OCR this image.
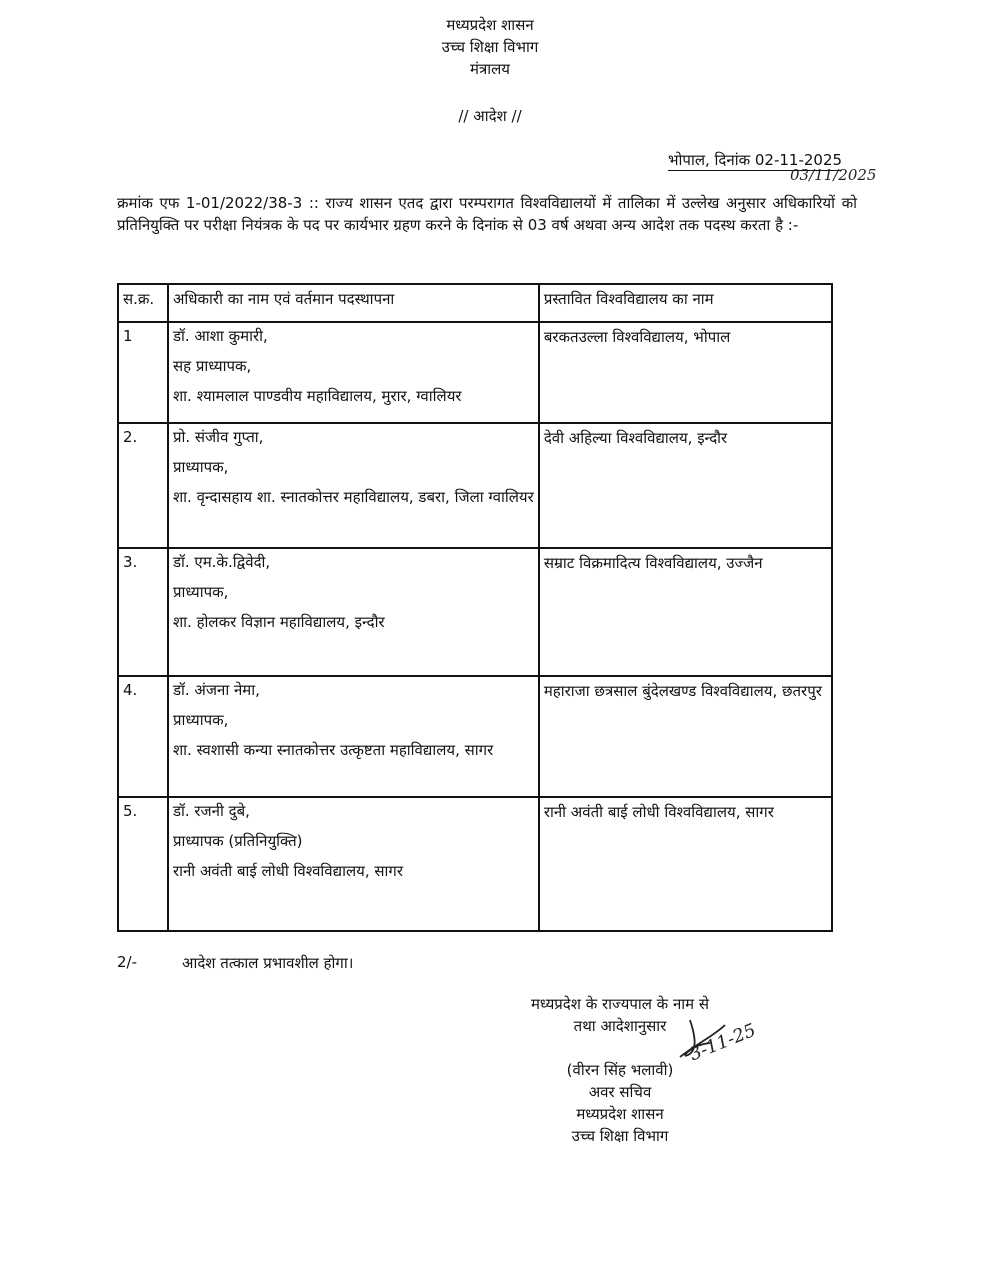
मध्यप्रदेश शासन
उच्च शिक्षा विभाग
मंत्रालय
// आदेश //
भोपाल, दिनांक 02-11-2025
03/11/2025
क्रमांक एफ 1-01/2022/38-3 :: राज्य शासन एतद द्वारा परम्परागत विश्वविद्यालयों में तालिका में उल्लेख अनुसार अधिकारियों को प्रतिनियुक्ति पर परीक्षा नियंत्रक के पद पर कार्यभार ग्रहण करने के दिनांक से 03 वर्ष अथवा अन्य आदेश तक पदस्थ करता है :-
स.क्र.	अधिकारी का नाम एवं वर्तमान पदस्थापना	प्रस्तावित विश्वविद्यालय का नाम
1	डॉ. आशा कुमारी,

सह प्राध्यापक,

शा. श्यामलाल पाण्डवीय महाविद्यालय, मुरार, ग्वालियर	बरकतउल्ला विश्वविद्यालय, भोपाल
2.	प्रो. संजीव गुप्ता,

प्राध्यापक,

शा. वृन्दासहाय शा. स्नातकोत्तर महाविद्यालय, डबरा, जिला ग्वालियर	देवी अहिल्या विश्वविद्यालय, इन्दौर
3.	डॉ. एम.के.द्विवेदी,

प्राध्यापक,

शा. होलकर विज्ञान महाविद्यालय, इन्दौर	सम्राट विक्रमादित्य विश्वविद्यालय, उज्जैन
4.	डॉ. अंजना नेमा,

प्राध्यापक,

शा. स्वशासी कन्या स्नातकोत्तर उत्कृष्टता महाविद्यालय, सागर	महाराजा छत्रसाल बुंदेलखण्ड विश्वविद्यालय, छतरपुर
5.	डॉ. रजनी दुबे,

प्राध्यापक (प्रतिनियुक्ति)

रानी अवंती बाई लोधी विश्वविद्यालय, सागर	रानी अवंती बाई लोधी विश्वविद्यालय, सागर
2/-	आदेश तत्काल प्रभावशील होगा।
मध्यप्रदेश के राज्यपाल के नाम से
तथा आदेशानुसार
(वीरन सिंह भलावी)
अवर सचिव
मध्यप्रदेश शासन
उच्च शिक्षा विभाग
3-11-25
